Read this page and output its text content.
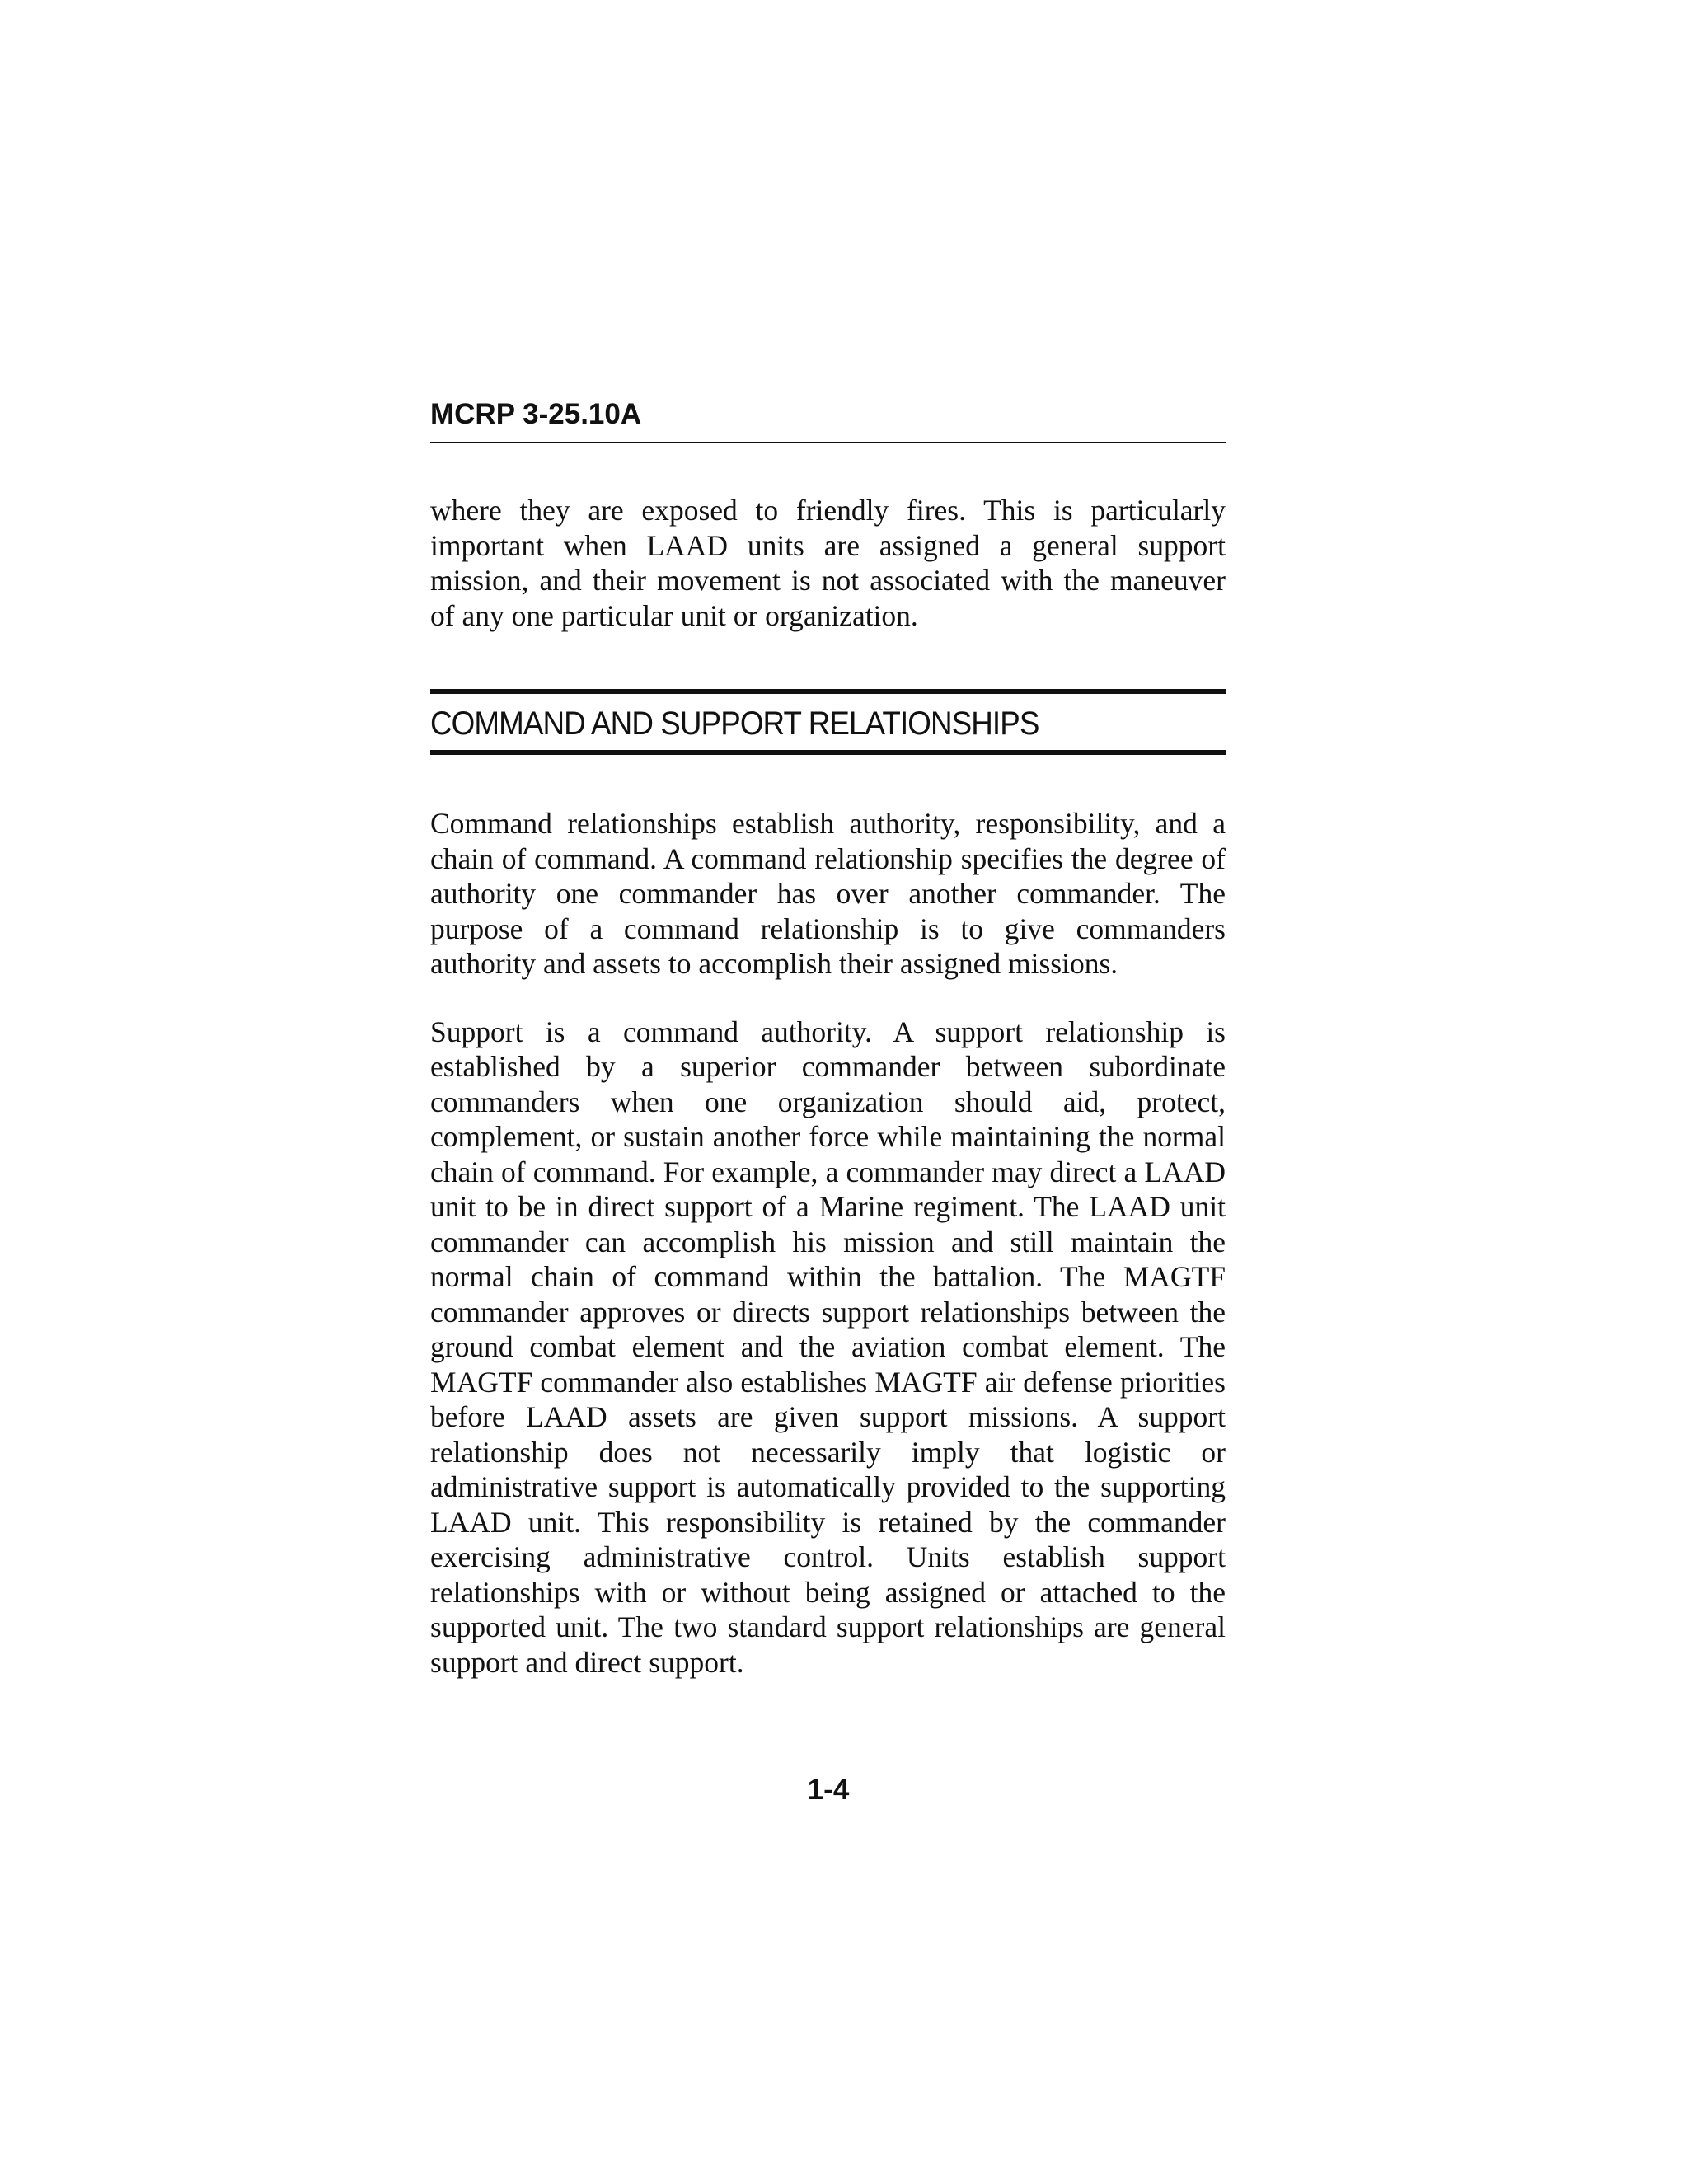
MCRP 3-25.10A

where they are exposed to friendly fires. This is particularly important when LAAD units are assigned a general support mission, and their movement is not associated with the maneuver of any one particular unit or organization.

COMMAND AND SUPPORT RELATIONSHIPS

Command relationships establish authority, responsibility, and a chain of command. A command relationship specifies the degree of authority one commander has over another commander. The purpose of a command relationship is to give commanders authority and assets to accomplish their assigned missions.

Support is a command authority. A support relationship is established by a superior commander between subordinate commanders when one organization should aid, protect, complement, or sustain another force while maintaining the normal chain of command. For example, a commander may direct a LAAD unit to be in direct support of a Marine regiment. The LAAD unit commander can accomplish his mission and still maintain the normal chain of command within the battalion. The MAGTF commander approves or directs support relationships between the ground combat element and the aviation combat element. The MAGTF commander also establishes MAGTF air defense priorities before LAAD assets are given support missions. A support relationship does not necessarily imply that logistic or administrative support is automatically provided to the supporting LAAD unit. This responsibility is retained by the commander exercising administrative control. Units establish support relationships with or without being assigned or attached to the supported unit. The two standard support relationships are general support and direct support.

1-4
